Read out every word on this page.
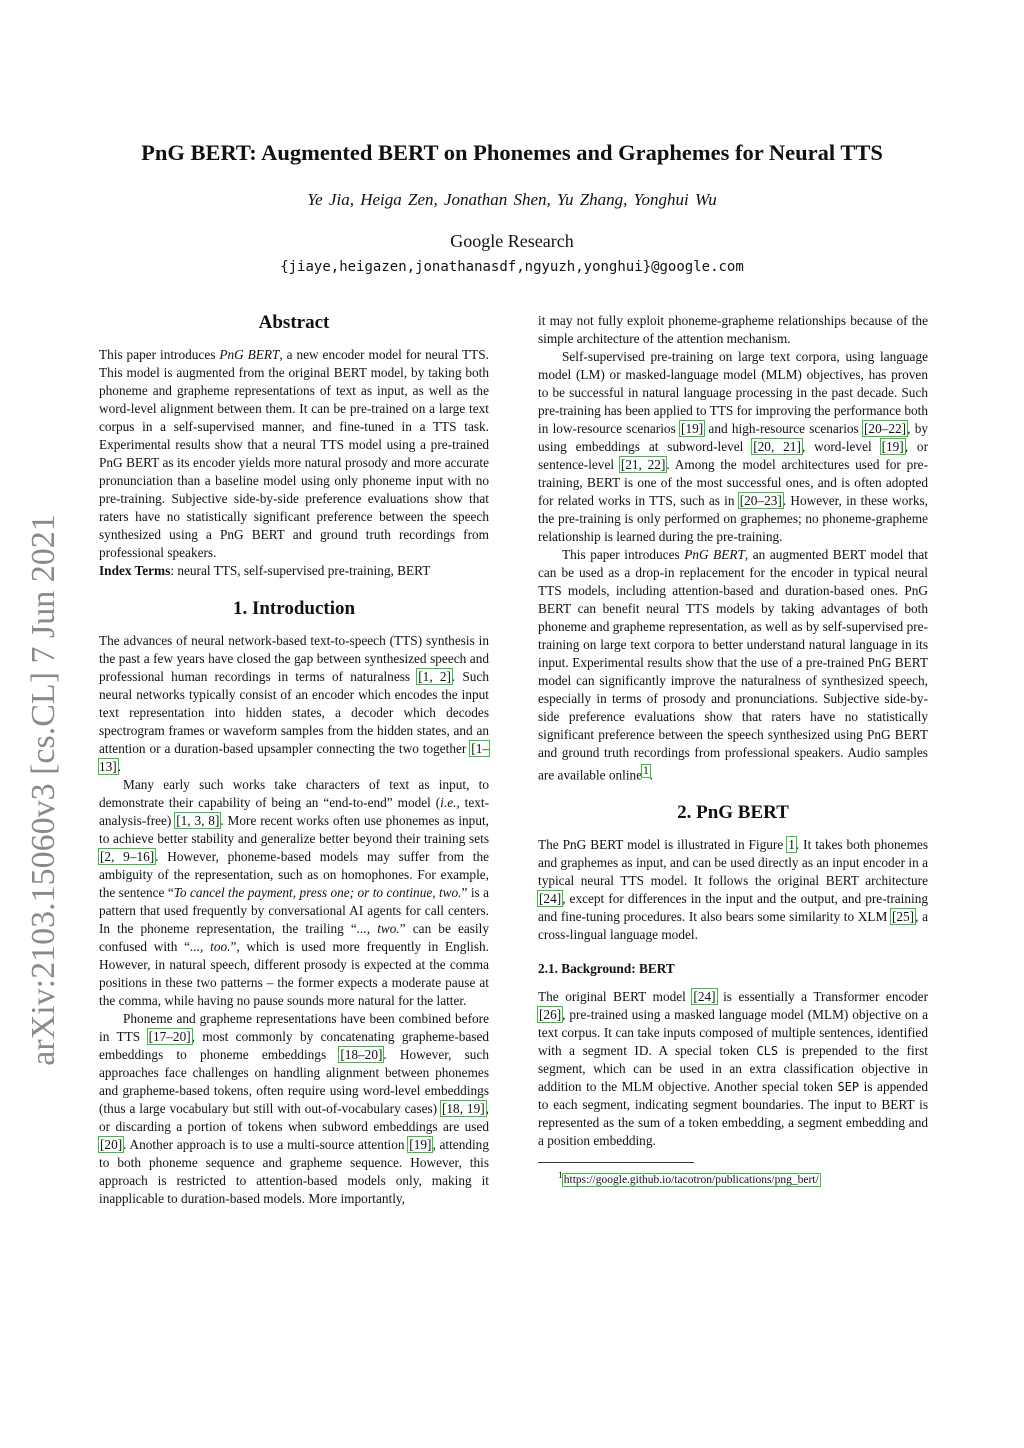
arXiv:2103.15060v3 [cs.CL] 7 Jun 2021
PnG BERT: Augmented BERT on Phonemes and Graphemes for Neural TTS
Ye Jia, Heiga Zen, Jonathan Shen, Yu Zhang, Yonghui Wu
Google Research
{jiaye,heigazen,jonathanasdf,ngyuzh,yonghui}@google.com
Abstract

This paper introduces PnG BERT, a new encoder model for neural TTS. This model is augmented from the original BERT model, by taking both phoneme and grapheme representations of text as input, as well as the word-level alignment between them. It can be pre-trained on a large text corpus in a self-supervised manner, and fine-tuned in a TTS task. Experimental results show that a neural TTS model using a pre-trained PnG BERT as its encoder yields more natural prosody and more accurate pronunciation than a baseline model using only phoneme input with no pre-training. Subjective side-by-side preference evaluations show that raters have no statistically significant preference between the speech synthesized using a PnG BERT and ground truth recordings from professional speakers.

Index Terms: neural TTS, self-supervised pre-training, BERT

1. Introduction

The advances of neural network-based text-to-speech (TTS) synthesis in the past a few years have closed the gap between synthesized speech and professional human recordings in terms of naturalness [1, 2]. Such neural networks typically consist of an encoder which encodes the input text representation into hidden states, a decoder which decodes spectrogram frames or waveform samples from the hidden states, and an attention or a duration-based upsampler connecting the two together [1–13].

Many early such works take characters of text as input, to demonstrate their capability of being an “end-to-end” model (i.e., text-analysis-free) [1, 3, 8]. More recent works often use phonemes as input, to achieve better stability and generalize better beyond their training sets [2, 9–16]. However, phoneme-based models may suffer from the ambiguity of the representation, such as on homophones. For example, the sentence “To cancel the payment, press one; or to continue, two.” is a pattern that used frequently by conversational AI agents for call centers. In the phoneme representation, the trailing “..., two.” can be easily confused with “..., too.”, which is used more frequently in English. However, in natural speech, different prosody is expected at the comma positions in these two patterns – the former expects a moderate pause at the comma, while having no pause sounds more natural for the latter.

Phoneme and grapheme representations have been combined before in TTS [17–20], most commonly by concatenating grapheme-based embeddings to phoneme embeddings [18–20]. However, such approaches face challenges on handling alignment between phonemes and grapheme-based tokens, often require using word-level embeddings (thus a large vocabulary but still with out-of-vocabulary cases) [18, 19], or discarding a portion of tokens when subword embeddings are used [20]. Another approach is to use a multi-source attention [19], attending to both phoneme sequence and grapheme sequence. However, this approach is restricted to attention-based models only, making it inapplicable to duration-based models. More importantly,

it may not fully exploit phoneme-grapheme relationships because of the simple architecture of the attention mechanism.

Self-supervised pre-training on large text corpora, using language model (LM) or masked-language model (MLM) objectives, has proven to be successful in natural language processing in the past decade. Such pre-training has been applied to TTS for improving the performance both in low-resource scenarios [19] and high-resource scenarios [20–22], by using embeddings at subword-level [20, 21], word-level [19], or sentence-level [21, 22]. Among the model architectures used for pre-training, BERT is one of the most successful ones, and is often adopted for related works in TTS, such as in [20–23]. However, in these works, the pre-training is only performed on graphemes; no phoneme-grapheme relationship is learned during the pre-training.

This paper introduces PnG BERT, an augmented BERT model that can be used as a drop-in replacement for the encoder in typical neural TTS models, including attention-based and duration-based ones. PnG BERT can benefit neural TTS models by taking advantages of both phoneme and grapheme representation, as well as by self-supervised pre-training on large text corpora to better understand natural language in its input. Experimental results show that the use of a pre-trained PnG BERT model can significantly improve the naturalness of synthesized speech, especially in terms of prosody and pronunciations. Subjective side-by-side preference evaluations show that raters have no statistically significant preference between the speech synthesized using PnG BERT and ground truth recordings from professional speakers. Audio samples are available online$^1$.

2. PnG BERT

The PnG BERT model is illustrated in Figure 1. It takes both phonemes and graphemes as input, and can be used directly as an input encoder in a typical neural TTS model. It follows the original BERT architecture [24], except for differences in the input and the output, and pre-training and fine-tuning procedures. It also bears some similarity to XLM [25], a cross-lingual language model.

2.1. Background: BERT

The original BERT model [24] is essentially a Transformer encoder [26], pre-trained using a masked language model (MLM) objective on a text corpus. It can take inputs composed of multiple sentences, identified with a segment ID. A special token CLS is prepended to the first segment, which can be used in an extra classification objective in addition to the MLM objective. Another special token SEP is appended to each segment, indicating segment boundaries. The input to BERT is represented as the sum of a token embedding, a segment embedding and a position embedding.

$^1$https://google.github.io/tacotron/publications/png_bert/
